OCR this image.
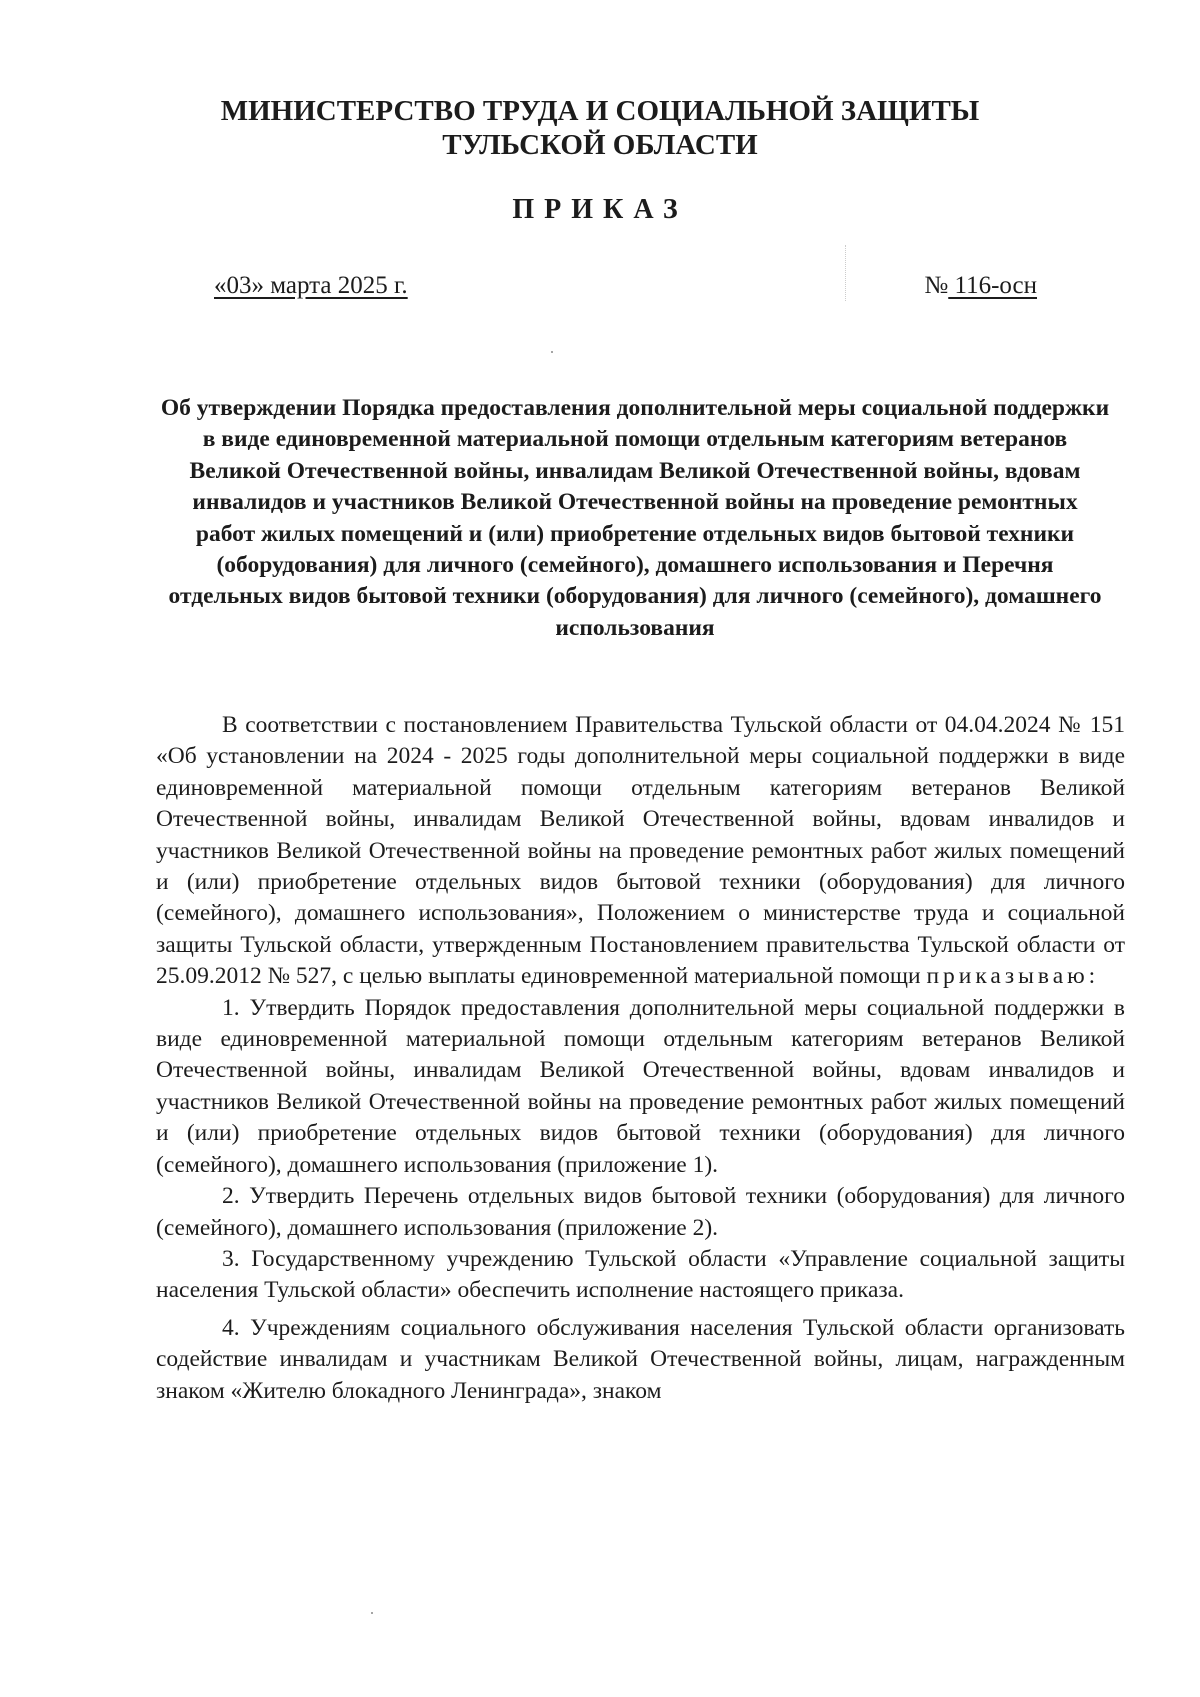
МИНИСТЕРСТВО ТРУДА И СОЦИАЛЬНОЙ ЗАЩИТЫ
ТУЛЬСКОЙ ОБЛАСТИ
ПРИКАЗ
«03» марта 2025 г.	№ 116-осн
Об утверждении Порядка предоставления дополнительной меры социальной поддержки в виде единовременной материальной помощи отдельным категориям ветеранов Великой Отечественной войны, инвалидам Великой Отечественной войны, вдовам инвалидов и участников Великой Отечественной войны на проведение ремонтных работ жилых помещений и (или) приобретение отдельных видов бытовой техники (оборудования) для личного (семейного), домашнего использования и Перечня отдельных видов бытовой техники (оборудования) для личного (семейного), домашнего использования

В соответствии с постановлением Правительства Тульской области от 04.04.2024 № 151 «Об установлении на 2024 - 2025 годы дополнительной меры социальной поддержки в виде единовременной материальной помощи отдельным категориям ветеранов Великой Отечественной войны, инвалидам Великой Отечественной войны, вдовам инвалидов и участников Великой Отечественной войны на проведение ремонтных работ жилых помещений и (или) приобретение отдельных видов бытовой техники (оборудования) для личного (семейного), домашнего использования», Положением о министерстве труда и социальной защиты Тульской области, утвержденным Постановлением правительства Тульской области от 25.09.2012 № 527, с целью выплаты единовременной материальной помощи приказываю:

1. Утвердить Порядок предоставления дополнительной меры социальной поддержки в виде единовременной материальной помощи отдельным категориям ветеранов Великой Отечественной войны, инвалидам Великой Отечественной войны, вдовам инвалидов и участников Великой Отечественной войны на проведение ремонтных работ жилых помещений и (или) приобретение отдельных видов бытовой техники (оборудования) для личного (семейного), домашнего использования (приложение 1).

2. Утвердить Перечень отдельных видов бытовой техники (оборудования) для личного (семейного), домашнего использования (приложение 2).

3. Государственному учреждению Тульской области «Управление социальной защиты населения Тульской области» обеспечить исполнение настоящего приказа.

4. Учреждениям социального обслуживания населения Тульской области организовать содействие инвалидам и участникам Великой Отечественной войны, лицам, награжденным знаком «Жителю блокадного Ленинграда», знаком
